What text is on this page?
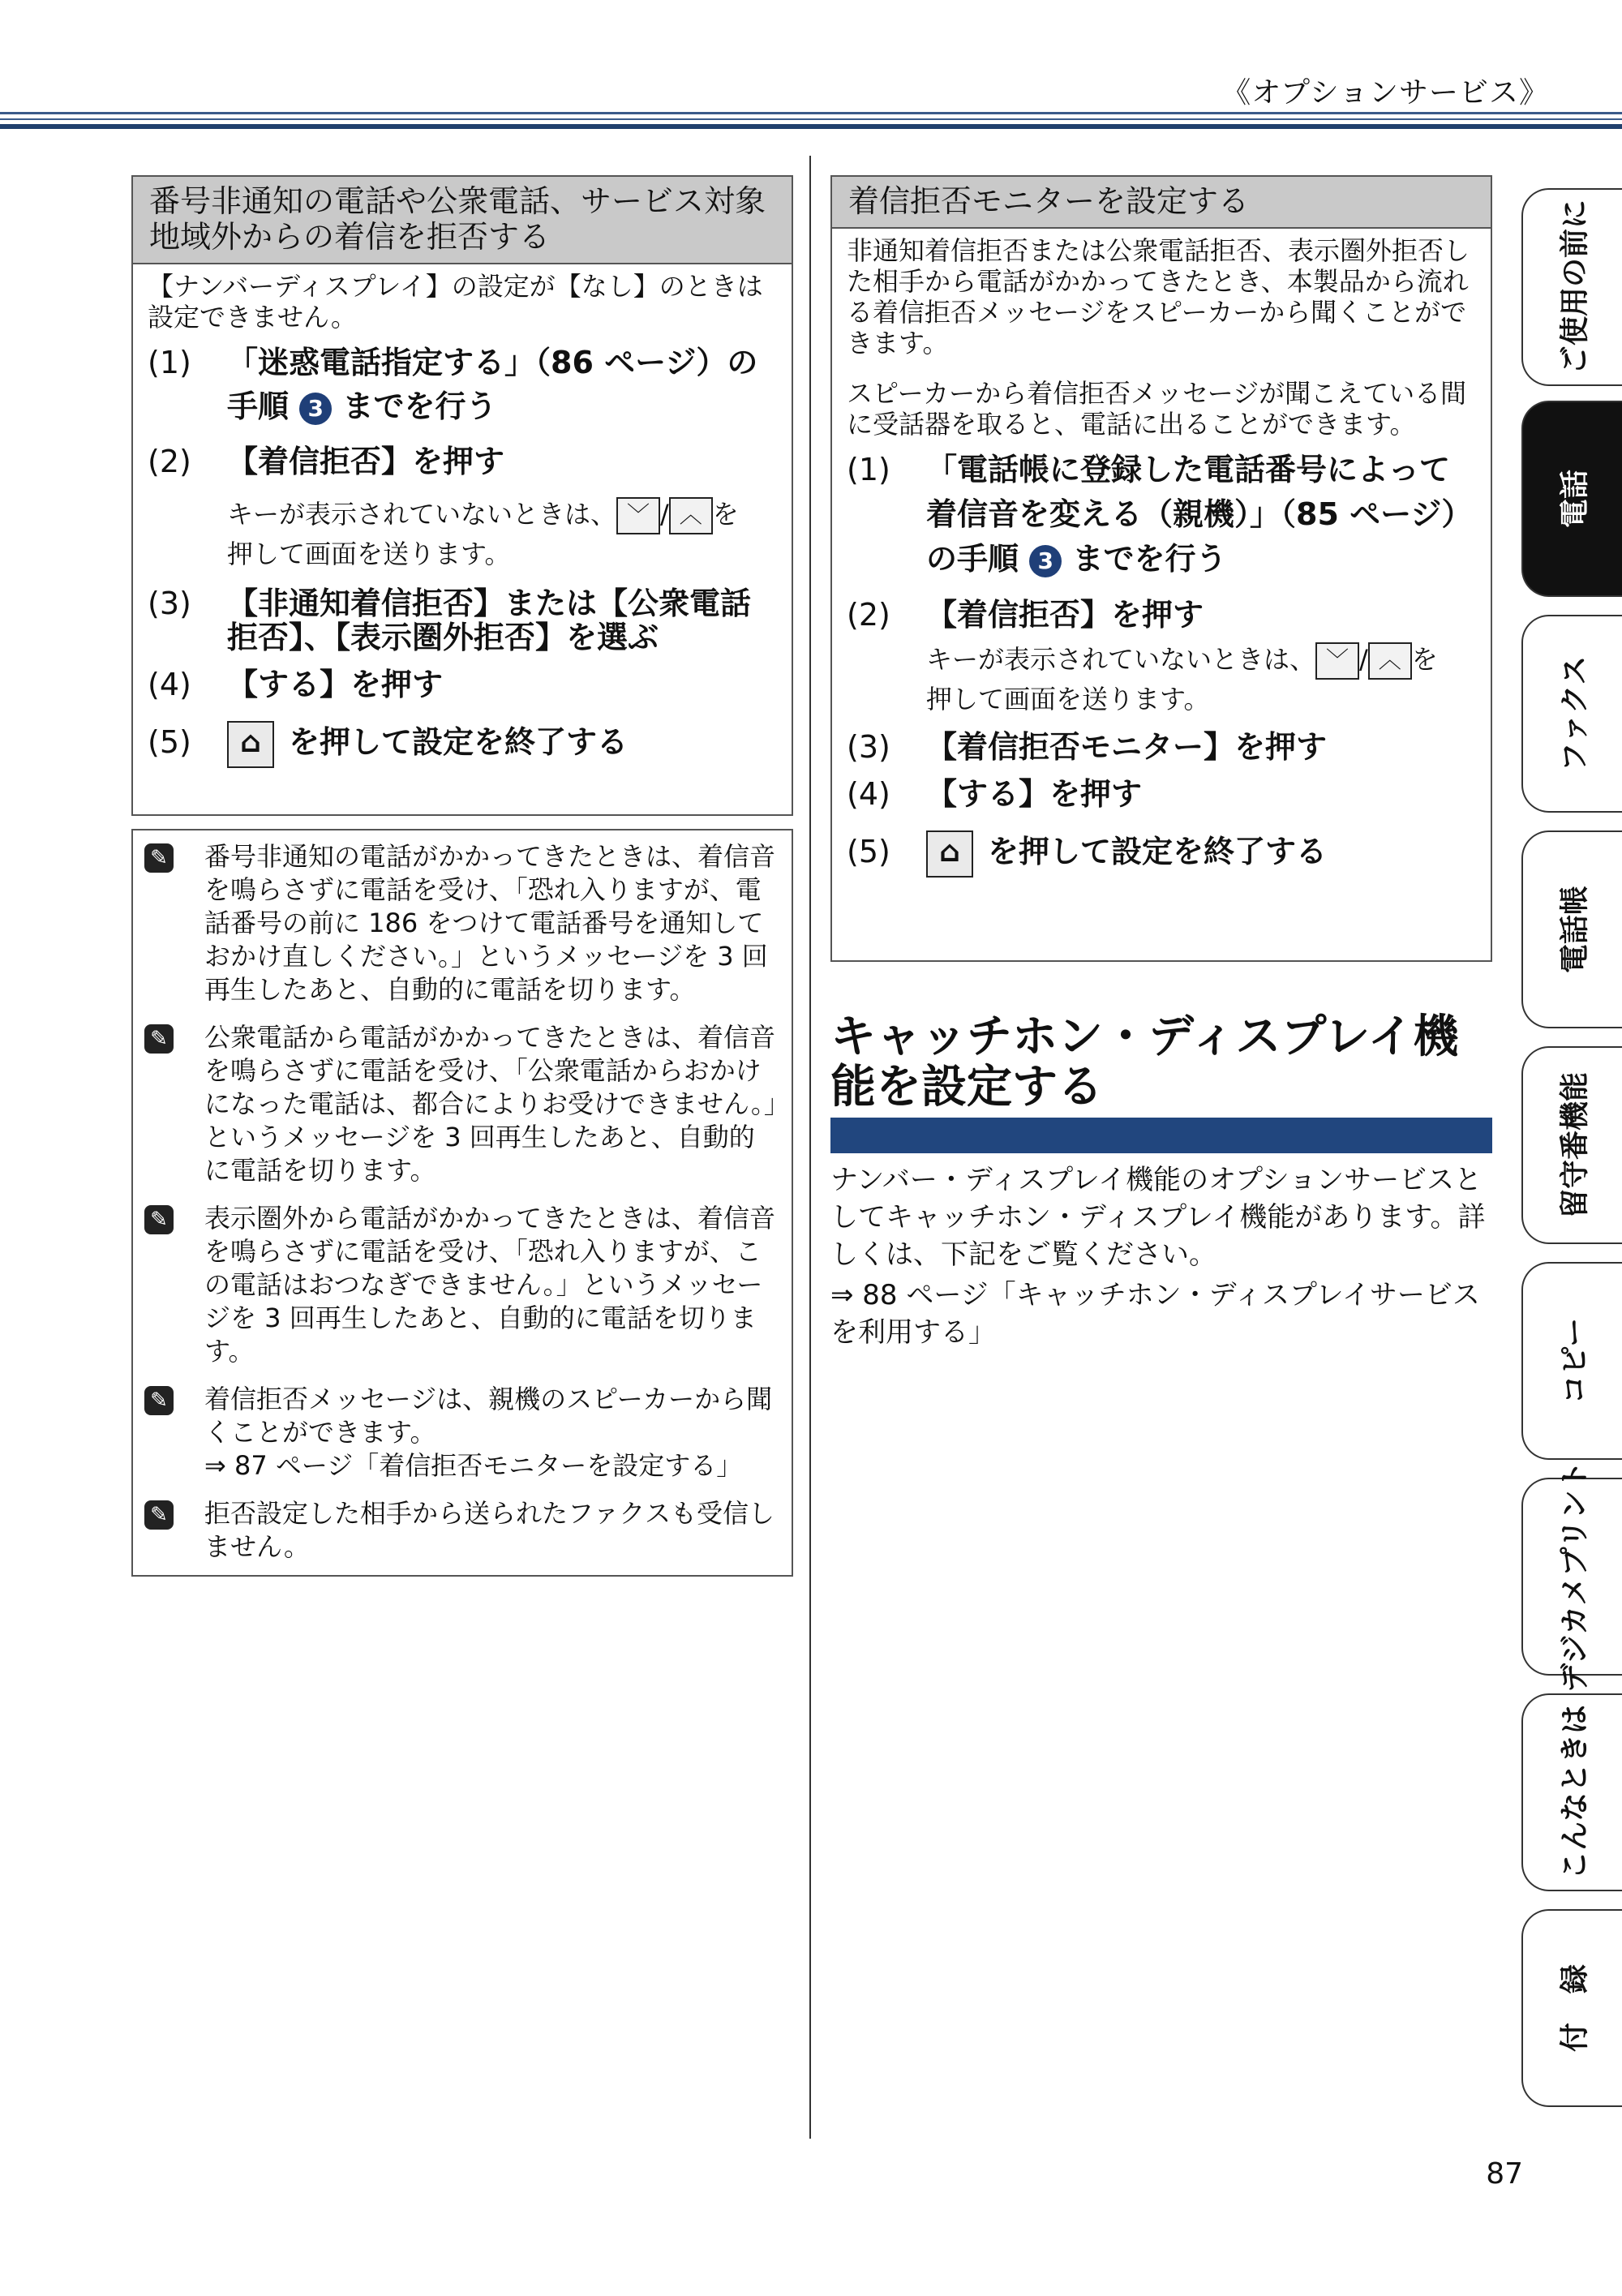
《オプションサービス》
番号非通知の電話や公衆電話、サービス対象地域外からの着信を拒否する

【ナンバーディスプレイ】の設定が【なし】のときは設定できません。

(1) 「迷惑電話指定する」（86 ページ）の
手順 3 までを行う
(2) 【着信拒否】を押す
キーが表示されていないときは、 ﹀ / ︿ を
押して画面を送ります。
(3) 【非通知着信拒否】または【公衆電話拒否】、【表示圏外拒否】を選ぶ
(4) 【する】を押す
(5) ⌂ を押して設定を終了する
✎ 番号非通知の電話がかかってきたときは、着信音を鳴らさずに電話を受け、「恐れ入りますが、電話番号の前に 186 をつけて電話番号を通知しておかけ直しください。」というメッセージを 3 回再生したあと、自動的に電話を切ります。
✎ 公衆電話から電話がかかってきたときは、着信音を鳴らさずに電話を受け、「公衆電話からおかけになった電話は、都合によりお受けできません。」というメッセージを 3 回再生したあと、自動的に電話を切ります。
✎ 表示圏外から電話がかかってきたときは、着信音を鳴らさずに電話を受け、「恐れ入りますが、この電話はおつなぎできません。」というメッセージを 3 回再生したあと、自動的に電話を切ります。
✎ 着信拒否メッセージは、親機のスピーカーから聞くことができます。
⇒ 87 ページ「着信拒否モニターを設定する」
✎ 拒否設定した相手から送られたファクスも受信しません。
着信拒否モニターを設定する

非通知着信拒否または公衆電話拒否、表示圏外拒否した相手から電話がかかってきたとき、本製品から流れる着信拒否メッセージをスピーカーから聞くことができます。

スピーカーから着信拒否メッセージが聞こえている間に受話器を取ると、電話に出ることができます。

(1) 「電話帳に登録した電話番号によって
着信音を変える（親機）」（85 ページ）
の手順 3 までを行う
(2) 【着信拒否】を押す
キーが表示されていないときは、 ﹀ / ︿ を
押して画面を送ります。
(3) 【着信拒否モニター】を押す
(4) 【する】を押す
(5) ⌂ を押して設定を終了する
キャッチホン・ディスプレイ機能を設定する
ナンバー・ディスプレイ機能のオプションサービスとしてキャッチホン・ディスプレイ機能があります。詳しくは、下記をご覧ください。
⇒ 88 ページ「キャッチホン・ディスプレイサービスを利用する」
ご使用の前に
電話
ファクス
電話帳
留守番機能
コピー
デジカメプリント
こんなときは
付　録
87
